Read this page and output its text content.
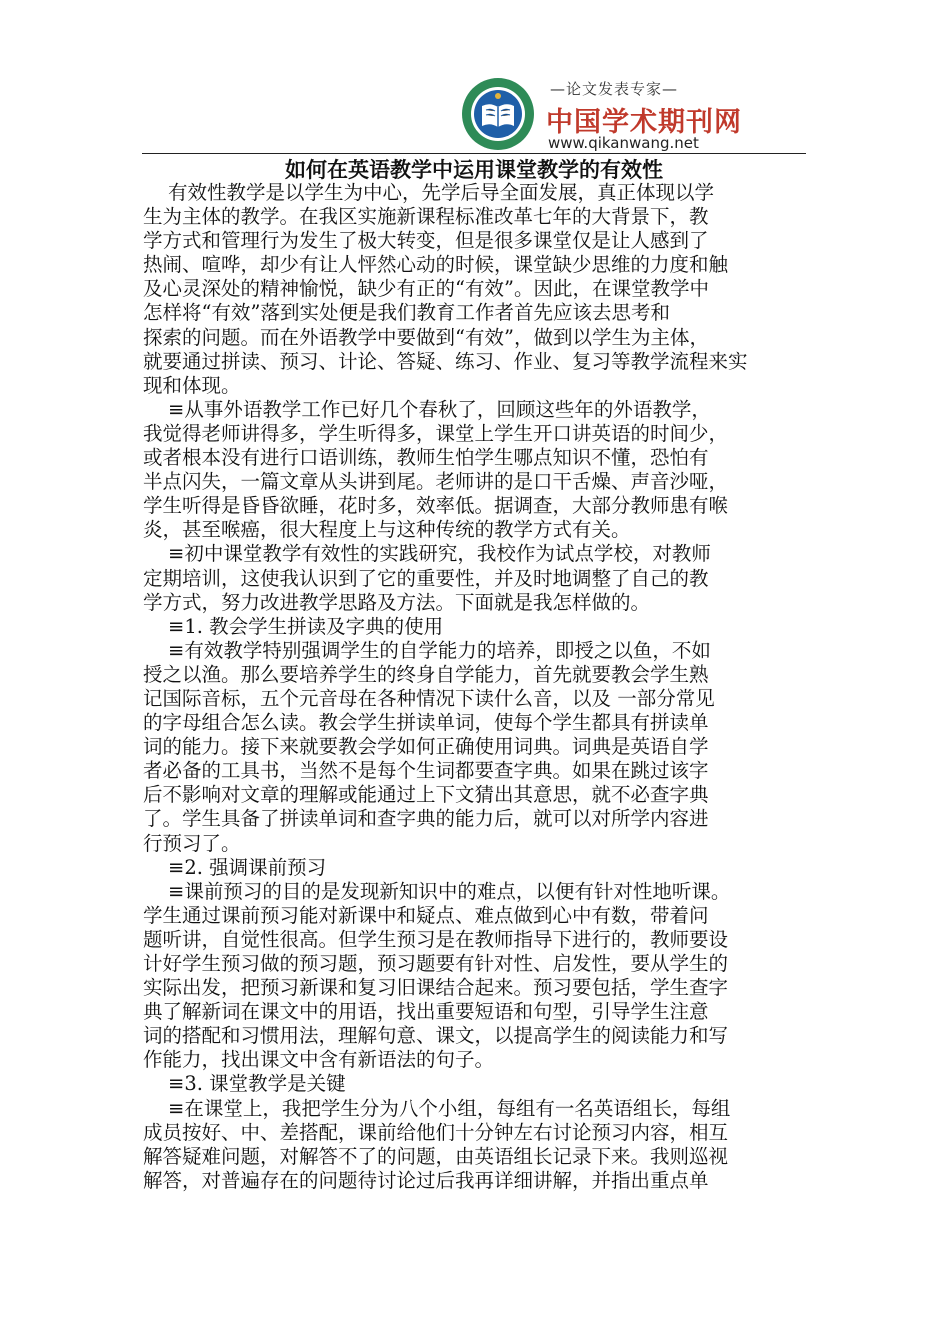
—论文发表专家—
中国学术期刊网
www.qikanwang.net
如何在英语教学中运用课堂教学的有效性
有效性教学是以学生为中心，先学后导全面发展，真正体现以学
生为主体的教学。在我区实施新课程标准改革七年的大背景下，教
学方式和管理行为发生了极大转变，但是很多课堂仅是让人感到了
热闹、喧哗，却少有让人怦然心动的时候，课堂缺少思维的力度和触
及心灵深处的精神愉悦，缺少有正的“有效”。因此，在课堂教学中
怎样将“有效”落到实处便是我们教育工作者首先应该去思考和
探索的问题。而在外语教学中要做到“有效”，做到以学生为主体，
就要通过拼读、预习、计论、答疑、练习、作业、复习等教学流程来实
现和体现。
≡从事外语教学工作已好几个春秋了，回顾这些年的外语教学，
我觉得老师讲得多，学生听得多，课堂上学生开口讲英语的时间少，
或者根本没有进行口语训练，教师生怕学生哪点知识不懂，恐怕有
半点闪失，一篇文章从头讲到尾。老师讲的是口干舌燥、声音沙哑，
学生听得是昏昏欲睡，花时多，效率低。据调查，大部分教师患有喉
炎，甚至喉癌，很大程度上与这种传统的教学方式有关。
≡初中课堂教学有效性的实践研究，我校作为试点学校，对教师
定期培训，这使我认识到了它的重要性，并及时地调整了自己的教
学方式，努力改进教学思路及方法。下面就是我怎样做的。
≡1. 教会学生拼读及字典的使用
≡有效教学特别强调学生的自学能力的培养，即授之以鱼，不如
授之以渔。那么要培养学生的终身自学能力，首先就要教会学生熟
记国际音标，五个元音母在各种情况下读什么音，以及 一部分常见
的字母组合怎么读。教会学生拼读单词，使每个学生都具有拼读单
词的能力。接下来就要教会学如何正确使用词典。词典是英语自学
者必备的工具书，当然不是每个生词都要查字典。如果在跳过该字
后不影响对文章的理解或能通过上下文猜出其意思，就不必查字典
了。学生具备了拼读单词和查字典的能力后，就可以对所学内容进
行预习了。
≡2. 强调课前预习
≡课前预习的目的是发现新知识中的难点，以便有针对性地听课。
学生通过课前预习能对新课中和疑点、难点做到心中有数，带着问
题听讲，自觉性很高。但学生预习是在教师指导下进行的，教师要设
计好学生预习做的预习题，预习题要有针对性、启发性，要从学生的
实际出发，把预习新课和复习旧课结合起来。预习要包括，学生查字
典了解新词在课文中的用语，找出重要短语和句型，引导学生注意
词的搭配和习惯用法，理解句意、课文，以提高学生的阅读能力和写
作能力，找出课文中含有新语法的句子。
≡3. 课堂教学是关键
≡在课堂上，我把学生分为八个小组，每组有一名英语组长，每组
成员按好、中、差搭配，课前给他们十分钟左右讨论预习内容，相互
解答疑难问题，对解答不了的问题，由英语组长记录下来。我则巡视
解答，对普遍存在的问题待讨论过后我再详细讲解，并指出重点单
